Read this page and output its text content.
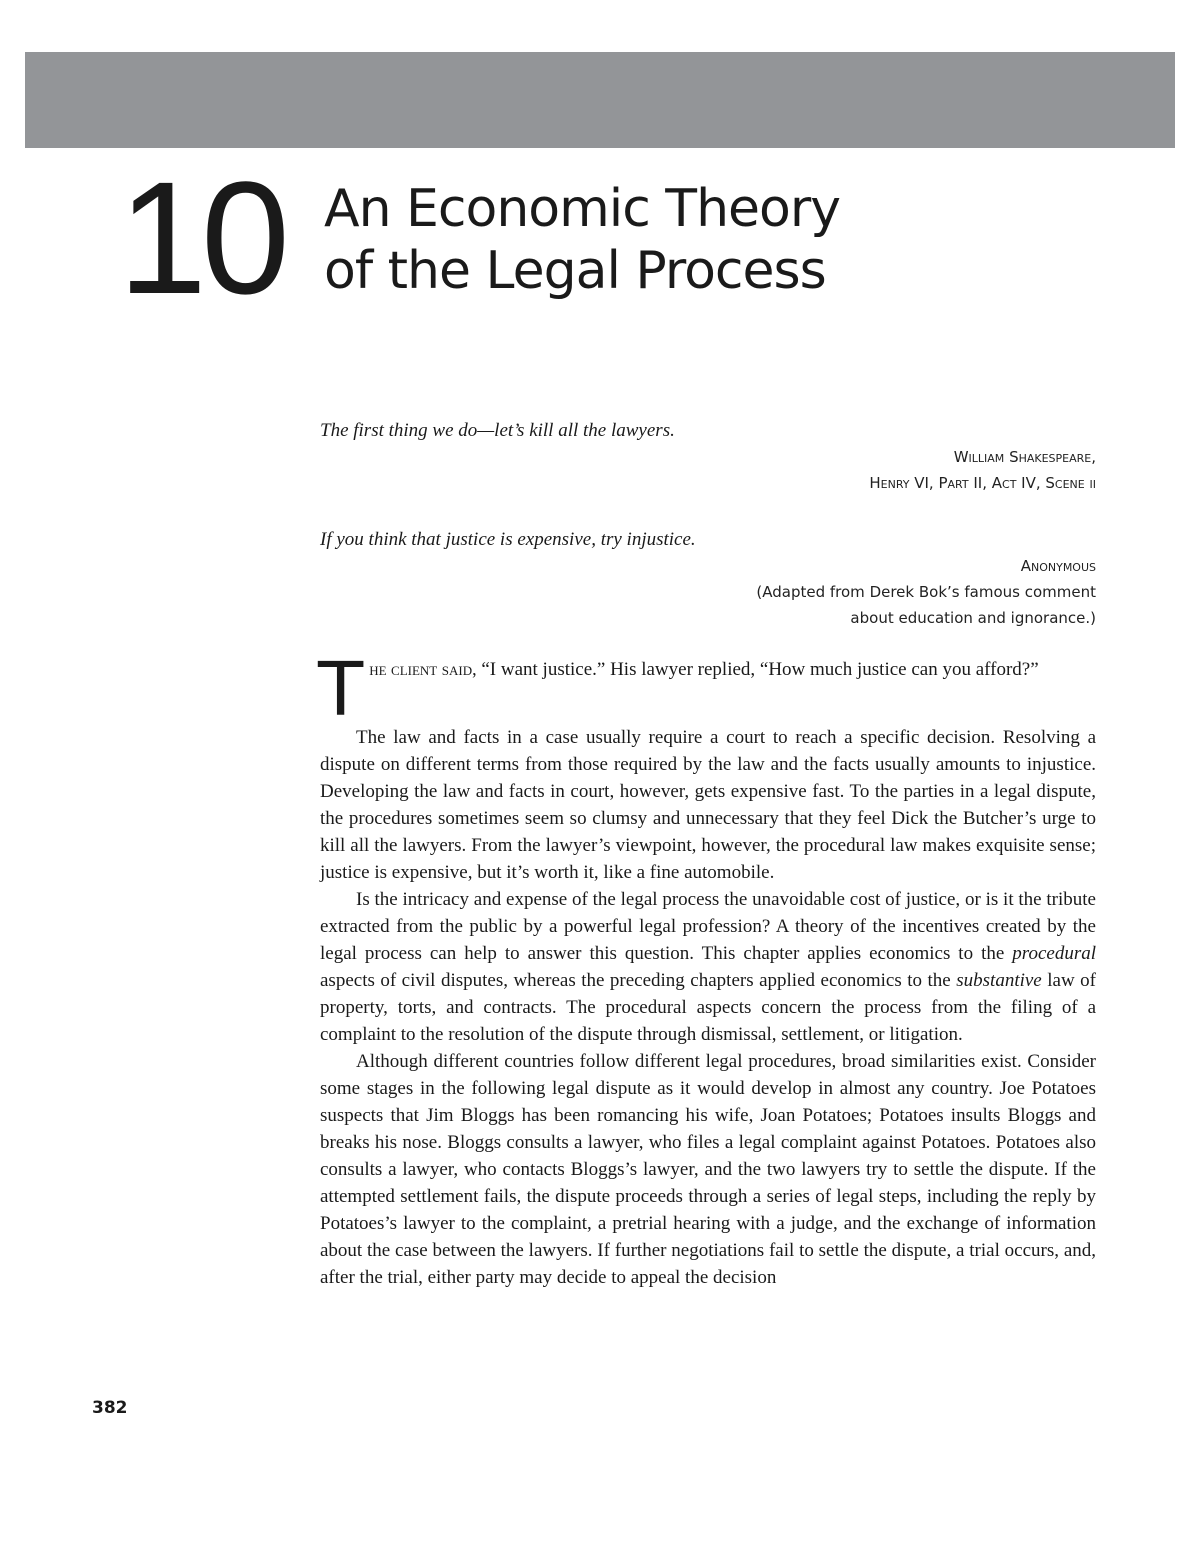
10 An Economic Theory
of the Legal Process

The first thing we do—let’s kill all the lawyers.

William Shakespeare,

Henry VI, Part II, Act IV, Scene ii

If you think that justice is expensive, try injustice.

Anonymous

(Adapted from Derek Bok’s famous comment

about education and ignorance.)

The client said, “I want justice.” His lawyer replied, “How much justice can you afford?”

The law and facts in a case usually require a court to reach a specific decision. Resolving a dispute on different terms from those required by the law and the facts usually amounts to injustice. Developing the law and facts in court, however, gets expensive fast. To the parties in a legal dispute, the procedures sometimes seem so clumsy and unnecessary that they feel Dick the Butcher’s urge to kill all the lawyers. From the lawyer’s viewpoint, however, the procedural law makes exquisite sense; justice is expensive, but it’s worth it, like a fine automobile.

Is the intricacy and expense of the legal process the unavoidable cost of justice, or is it the tribute extracted from the public by a powerful legal profession? A theory of the incentives created by the legal process can help to answer this question. This chapter applies economics to the procedural aspects of civil disputes, whereas the preceding chapters applied economics to the substantive law of property, torts, and contracts. The procedural aspects concern the process from the filing of a complaint to the resolution of the dispute through dismissal, settlement, or litigation.

Although different countries follow different legal procedures, broad similarities exist. Consider some stages in the following legal dispute as it would develop in almost any country. Joe Potatoes suspects that Jim Bloggs has been romancing his wife, Joan Potatoes; Potatoes insults Bloggs and breaks his nose. Bloggs consults a lawyer, who files a legal complaint against Potatoes. Potatoes also consults a lawyer, who contacts Bloggs’s lawyer, and the two lawyers try to settle the dispute. If the attempted settlement fails, the dispute proceeds through a series of legal steps, including the reply by Potatoes’s lawyer to the complaint, a pretrial hearing with a judge, and the exchange of information about the case between the lawyers. If further negotiations fail to settle the dispute, a trial occurs, and, after the trial, either party may decide to appeal the decision

382
